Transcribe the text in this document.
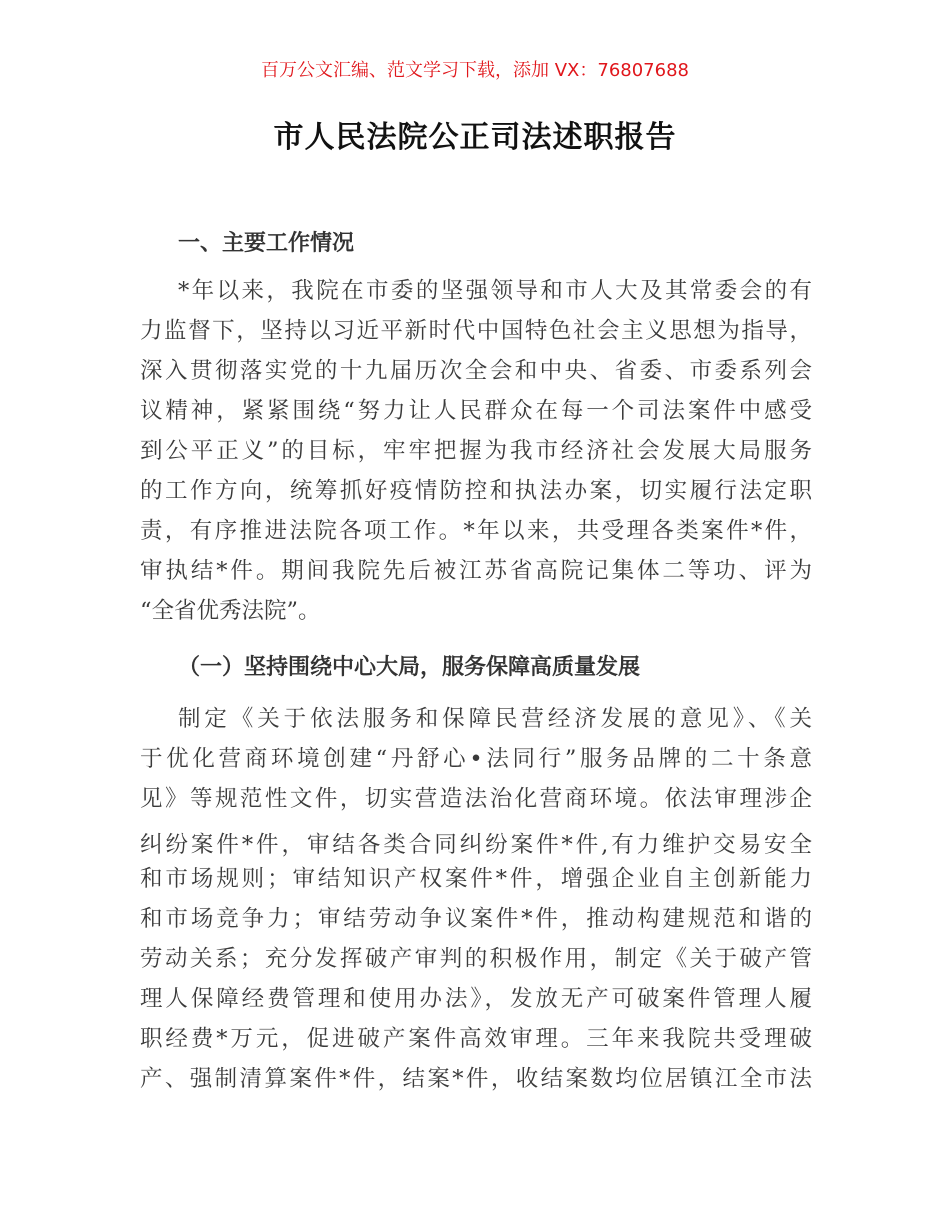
百万公文汇编、范文学习下载，添加 VX：76807688
市人民法院公正司法述职报告
一、主要工作情况
*年以来，我院在市委的坚强领导和市人大及其常委会的有
力监督下，坚持以习近平新时代中国特色社会主义思想为指导，
深入贯彻落实党的十九届历次全会和中央、省委、市委系列会
议精神，紧紧围绕“努力让人民群众在每一个司法案件中感受
到公平正义”的目标，牢牢把握为我市经济社会发展大局服务
的工作方向，统筹抓好疫情防控和执法办案，切实履行法定职
责，有序推进法院各项工作。*年以来，共受理各类案件*件，
审执结*件。期间我院先后被江苏省高院记集体二等功、评为
“全省优秀法院”。
（一）坚持围绕中心大局，服务保障高质量发展
制定《关于依法服务和保障民营经济发展的意见》、《关
于优化营商环境创建“丹舒心•法同行”服务品牌的二十条意
见》等规范性文件，切实营造法治化营商环境。依法审理涉企
纠纷案件*件，审结各类合同纠纷案件*件,有力维护交易安全
和市场规则；审结知识产权案件*件，增强企业自主创新能力
和市场竞争力；审结劳动争议案件*件，推动构建规范和谐的
劳动关系；充分发挥破产审判的积极作用，制定《关于破产管
理人保障经费管理和使用办法》，发放无产可破案件管理人履
职经费*万元，促进破产案件高效审理。三年来我院共受理破
产、强制清算案件*件，结案*件，收结案数均位居镇江全市法
